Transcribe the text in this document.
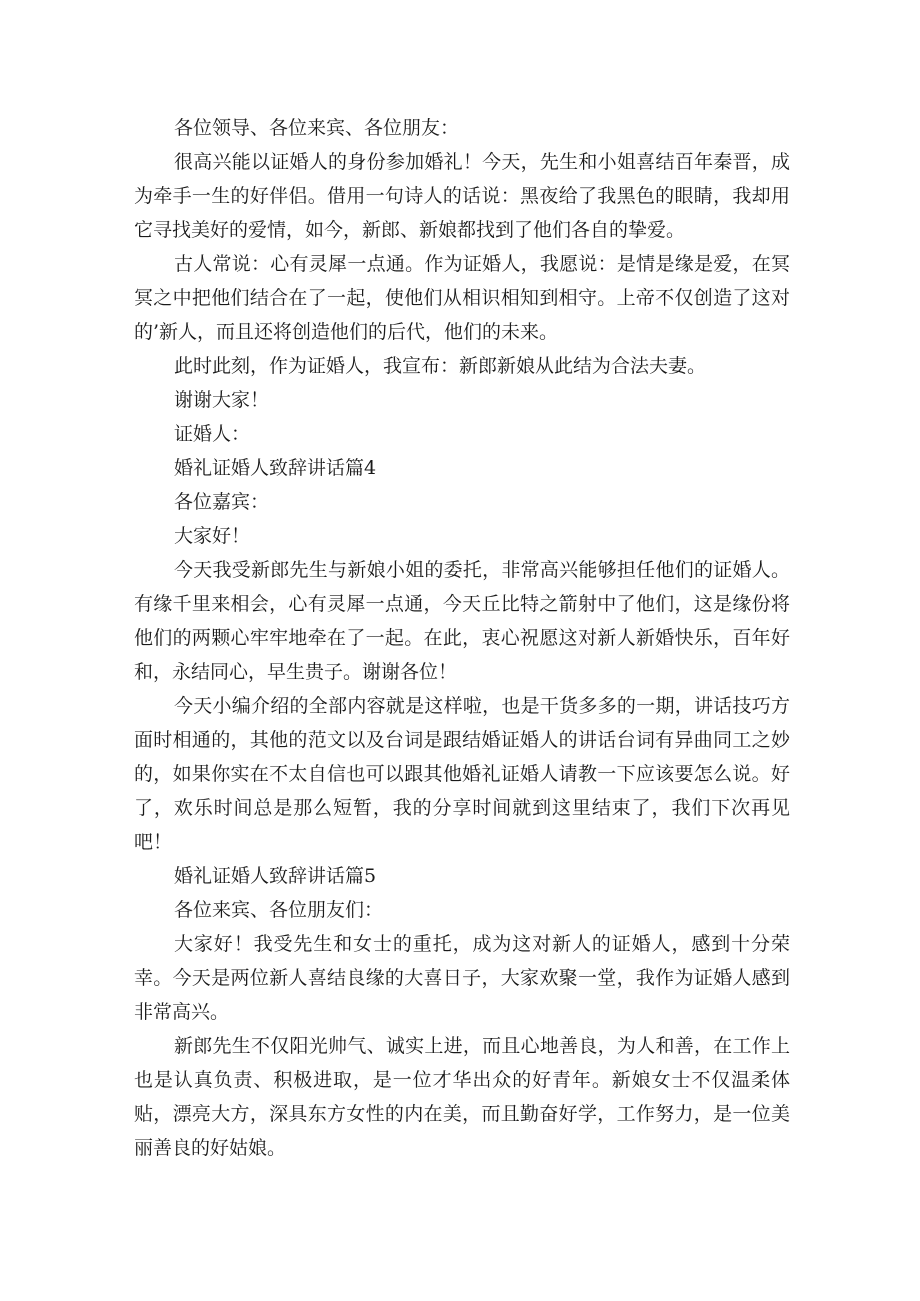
各位领导、各位来宾、各位朋友：

很高兴能以证婚人的身份参加婚礼！今天，先生和小姐喜结百年秦晋，成为牵手一生的好伴侣。借用一句诗人的话说：黑夜给了我黑色的眼睛，我却用它寻找美好的爱情，如今，新郎、新娘都找到了他们各自的挚爱。

古人常说：心有灵犀一点通。作为证婚人，我愿说：是情是缘是爱，在冥冥之中把他们结合在了一起，使他们从相识相知到相守。上帝不仅创造了这对的’新人，而且还将创造他们的后代，他们的未来。

此时此刻，作为证婚人，我宣布：新郎新娘从此结为合法夫妻。

谢谢大家！

证婚人：

婚礼证婚人致辞讲话篇4

各位嘉宾：

大家好！

今天我受新郎先生与新娘小姐的委托，非常高兴能够担任他们的证婚人。有缘千里来相会，心有灵犀一点通，今天丘比特之箭射中了他们，这是缘份将他们的两颗心牢牢地牵在了一起。在此，衷心祝愿这对新人新婚快乐，百年好和，永结同心，早生贵子。谢谢各位！

今天小编介绍的全部内容就是这样啦，也是干货多多的一期，讲话技巧方面时相通的，其他的范文以及台词是跟结婚证婚人的讲话台词有异曲同工之妙的，如果你实在不太自信也可以跟其他婚礼证婚人请教一下应该要怎么说。好了，欢乐时间总是那么短暂，我的分享时间就到这里结束了，我们下次再见吧！

婚礼证婚人致辞讲话篇5

各位来宾、各位朋友们：

大家好！我受先生和女士的重托，成为这对新人的证婚人，感到十分荣幸。今天是两位新人喜结良缘的大喜日子，大家欢聚一堂，我作为证婚人感到非常高兴。

新郎先生不仅阳光帅气、诚实上进，而且心地善良，为人和善，在工作上也是认真负责、积极进取，是一位才华出众的好青年。新娘女士不仅温柔体贴，漂亮大方，深具东方女性的内在美，而且勤奋好学，工作努力，是一位美丽善良的好姑娘。
